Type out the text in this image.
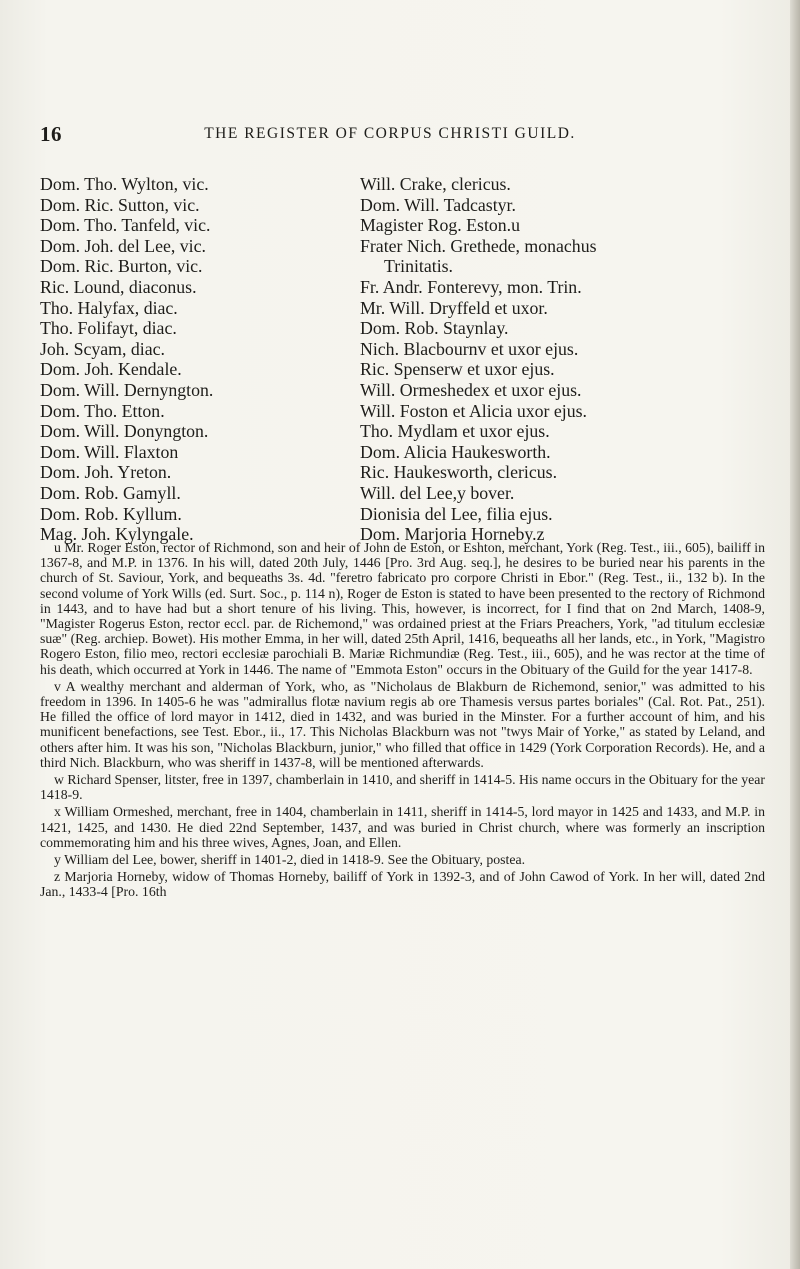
16	THE REGISTER OF CORPUS CHRISTI GUILD.
Dom. Tho. Wylton, vic.
Dom. Ric. Sutton, vic.
Dom. Tho. Tanfeld, vic.
Dom. Joh. del Lee, vic.
Dom. Ric. Burton, vic.
Ric. Lound, diaconus.
Tho. Halyfax, diac.
Tho. Folifayt, diac.
Joh. Scyam, diac.
Dom. Joh. Kendale.
Dom. Will. Dernyngton.
Dom. Tho. Etton.
Dom. Will. Donyngton.
Dom. Will. Flaxton
Dom. Joh. Yreton.
Dom. Rob. Gamyll.
Dom. Rob. Kyllum.
Mag. Joh. Kylyngale.
Will. Crake, clericus.
Dom. Will. Tadcastyr.
Magister Rog. Eston.u
Frater Nich. Grethede, monachus
Trinitatis.
Fr. Andr. Fonterevy, mon. Trin.
Mr. Will. Dryffeld et uxor.
Dom. Rob. Staynlay.
Nich. Blacbournv et uxor ejus.
Ric. Spenserw et uxor ejus.
Will. Ormeshedex et uxor ejus.
Will. Foston et Alicia uxor ejus.
Tho. Mydlam et uxor ejus.
Dom. Alicia Haukesworth.
Ric. Haukesworth, clericus.
Will. del Lee,y bover.
Dionisia del Lee, filia ejus.
Dom. Marjoria Horneby.z

u Mr. Roger Eston, rector of Richmond, son and heir of John de Eston, or Eshton, merchant, York (Reg. Test., iii., 605), bailiff in 1367-8, and M.P. in 1376. In his will, dated 20th July, 1446 [Pro. 3rd Aug. seq.], he desires to be buried near his parents in the church of St. Saviour, York, and bequeaths 3s. 4d. "feretro fabricato pro corpore Christi in Ebor." (Reg. Test., ii., 132 b). In the second volume of York Wills (ed. Surt. Soc., p. 114 n), Roger de Eston is stated to have been presented to the rectory of Richmond in 1443, and to have had but a short tenure of his living. This, however, is incorrect, for I find that on 2nd March, 1408-9, "Magister Rogerus Eston, rector eccl. par. de Richemond," was ordained priest at the Friars Preachers, York, "ad titulum ecclesiæ suæ" (Reg. archiep. Bowet). His mother Emma, in her will, dated 25th April, 1416, bequeaths all her lands, etc., in York, "Magistro Rogero Eston, filio meo, rectori ecclesiæ parochiali B. Mariæ Richmundiæ (Reg. Test., iii., 605), and he was rector at the time of his death, which occurred at York in 1446. The name of "Emmota Eston" occurs in the Obituary of the Guild for the year 1417-8.

v A wealthy merchant and alderman of York, who, as "Nicholaus de Blakburn de Richemond, senior," was admitted to his freedom in 1396. In 1405-6 he was "admirallus flotæ navium regis ab ore Thamesis versus partes boriales" (Cal. Rot. Pat., 251). He filled the office of lord mayor in 1412, died in 1432, and was buried in the Minster. For a further account of him, and his munificent benefactions, see Test. Ebor., ii., 17. This Nicholas Blackburn was not "twys Mair of Yorke," as stated by Leland, and others after him. It was his son, "Nicholas Blackburn, junior," who filled that office in 1429 (York Corporation Records). He, and a third Nich. Blackburn, who was sheriff in 1437-8, will be mentioned afterwards.

w Richard Spenser, litster, free in 1397, chamberlain in 1410, and sheriff in 1414-5. His name occurs in the Obituary for the year 1418-9.

x William Ormeshed, merchant, free in 1404, chamberlain in 1411, sheriff in 1414-5, lord mayor in 1425 and 1433, and M.P. in 1421, 1425, and 1430. He died 22nd September, 1437, and was buried in Christ church, where was formerly an inscription commemorating him and his three wives, Agnes, Joan, and Ellen.

y William del Lee, bower, sheriff in 1401-2, died in 1418-9. See the Obituary, postea.

z Marjoria Horneby, widow of Thomas Horneby, bailiff of York in 1392-3, and of John Cawod of York. In her will, dated 2nd Jan., 1433-4 [Pro. 16th
